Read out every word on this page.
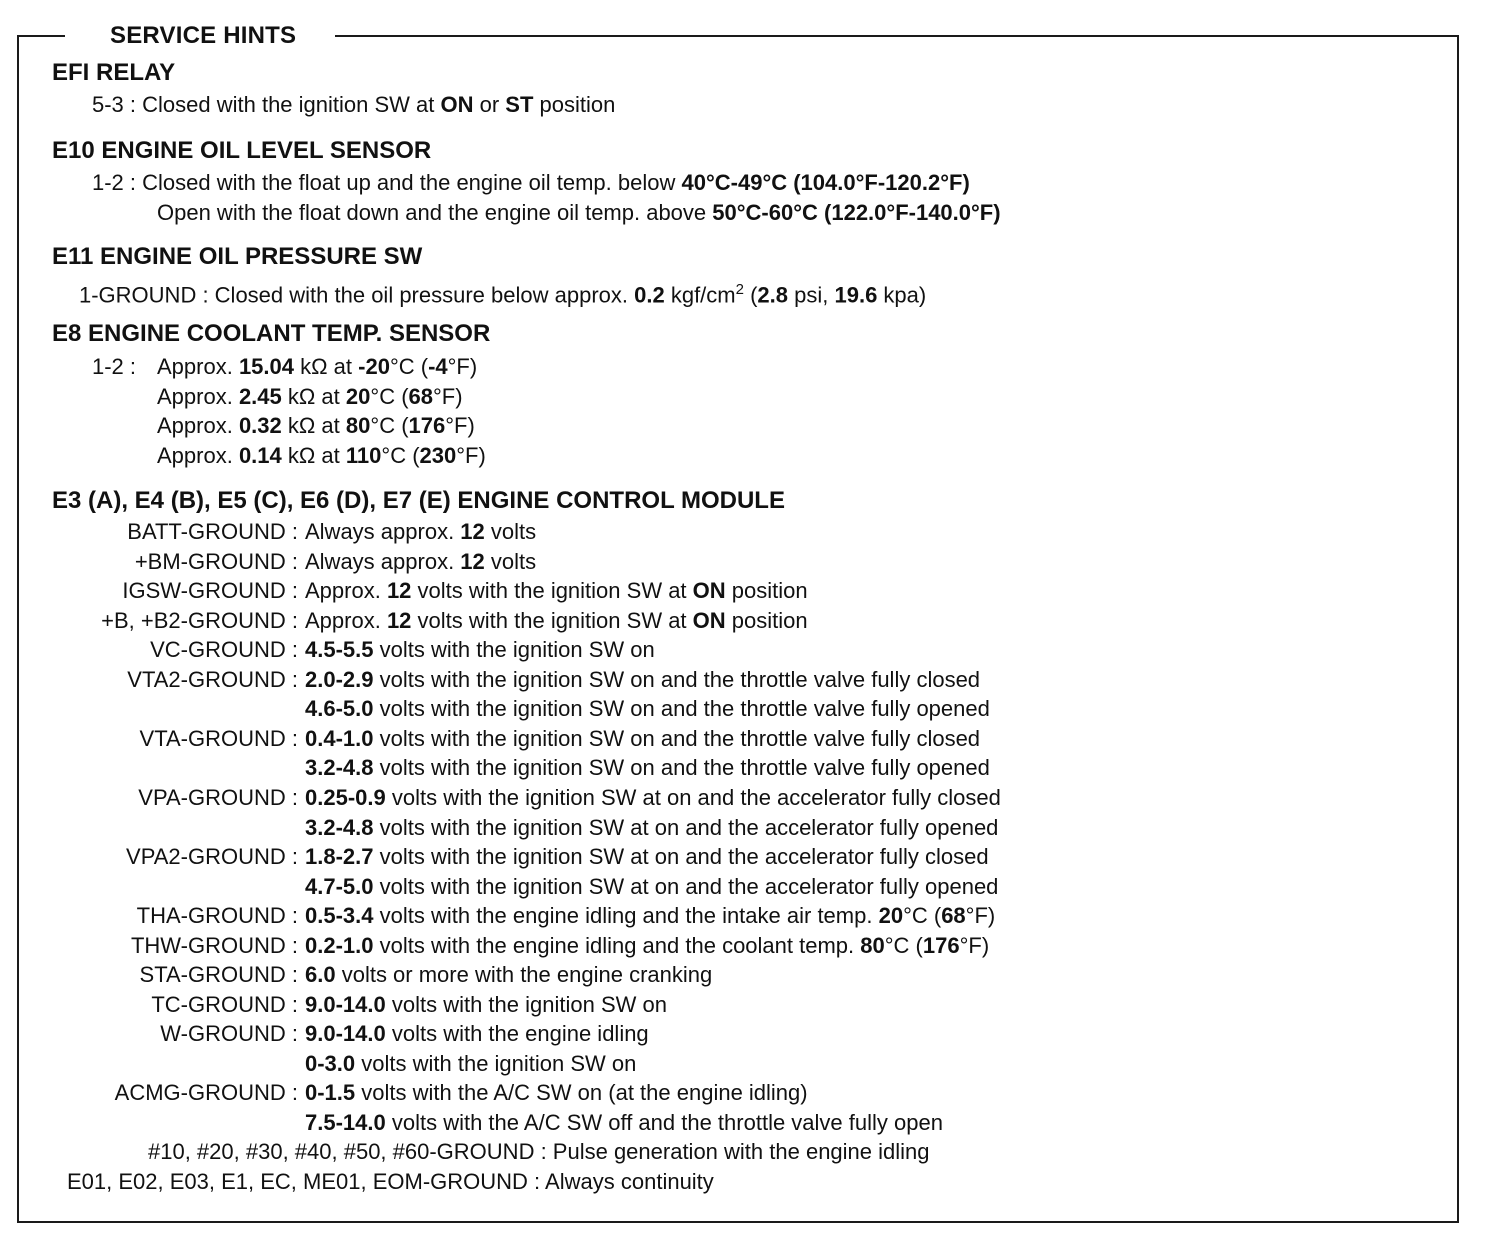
SERVICE HINTS
EFI RELAY
5-3 : Closed with the ignition SW at ON or ST position
E10 ENGINE OIL LEVEL SENSOR
1-2 : Closed with the float up and the engine oil temp. below 40°C-49°C (104.0°F-120.2°F)
Open with the float down and the engine oil temp. above 50°C-60°C (122.0°F-140.0°F)
E11 ENGINE OIL PRESSURE SW
1-GROUND : Closed with the oil pressure below approx. 0.2 kgf/$cm^2$ (2.8 psi, 19.6 kpa)
E8 ENGINE COOLANT TEMP. SENSOR
1-2 : Approx. 15.04 kΩ at -20°C (-4°F)
Approx. 2.45 kΩ at 20°C (68°F)
Approx. 0.32 kΩ at 80°C (176°F)
Approx. 0.14 kΩ at 110°C (230°F)
E3 (A), E4 (B), E5 (C), E6 (D), E7 (E) ENGINE CONTROL MODULE
BATT-GROUND : Always approx. 12 volts
+BM-GROUND : Always approx. 12 volts
IGSW-GROUND : Approx. 12 volts with the ignition SW at ON position
+B, +B2-GROUND : Approx. 12 volts with the ignition SW at ON position
VC-GROUND : 4.5-5.5 volts with the ignition SW on
VTA2-GROUND : 2.0-2.9 volts with the ignition SW on and the throttle valve fully closed
4.6-5.0 volts with the ignition SW on and the throttle valve fully opened
VTA-GROUND : 0.4-1.0 volts with the ignition SW on and the throttle valve fully closed
3.2-4.8 volts with the ignition SW on and the throttle valve fully opened
VPA-GROUND : 0.25-0.9 volts with the ignition SW at on and the accelerator fully closed
3.2-4.8 volts with the ignition SW at on and the accelerator fully opened
VPA2-GROUND : 1.8-2.7 volts with the ignition SW at on and the accelerator fully closed
4.7-5.0 volts with the ignition SW at on and the accelerator fully opened
THA-GROUND : 0.5-3.4 volts with the engine idling and the intake air temp. 20°C (68°F)
THW-GROUND : 0.2-1.0 volts with the engine idling and the coolant temp. 80°C (176°F)
STA-GROUND : 6.0 volts or more with the engine cranking
TC-GROUND : 9.0-14.0 volts with the ignition SW on
W-GROUND : 9.0-14.0 volts with the engine idling
0-3.0 volts with the ignition SW on
ACMG-GROUND : 0-1.5 volts with the A/C SW on (at the engine idling)
7.5-14.0 volts with the A/C SW off and the throttle valve fully open
#10, #20, #30, #40, #50, #60-GROUND : Pulse generation with the engine idling
E01, E02, E03, E1, EC, ME01, EOM-GROUND : Always continuity
